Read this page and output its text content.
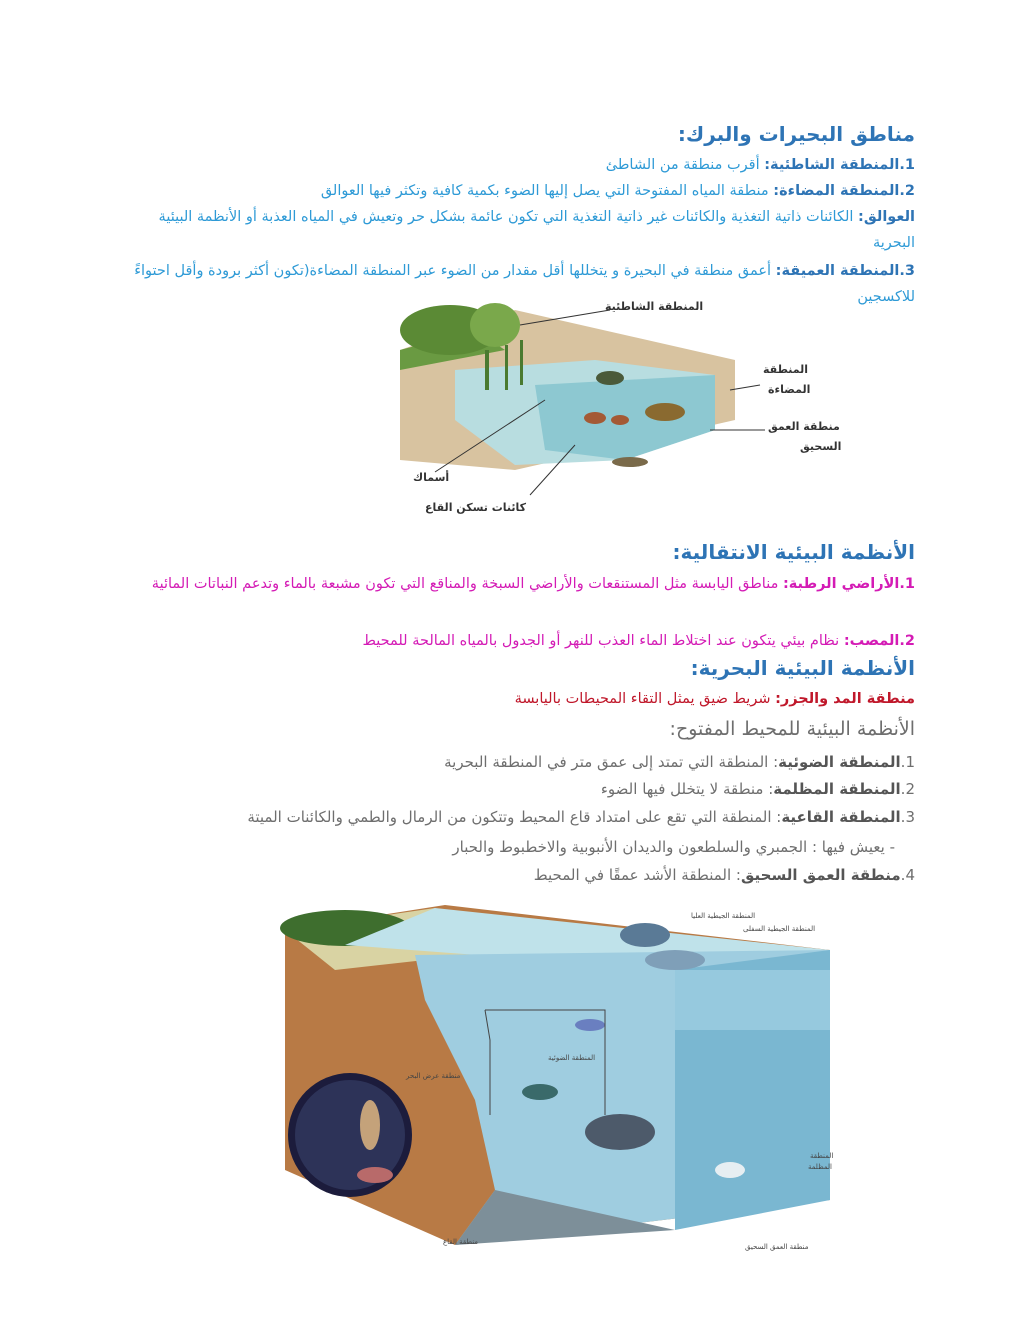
مناطق البحيرات والبرك:
1.المنطقة الشاطئية: أقرب منطقة من الشاطئ
2.المنطقة المضاءة: منطقة المياه المفتوحة التي يصل إليها الضوء بكمية كافية وتكثر فيها العوالق
العوالق: الكائنات ذاتية التغذية والكائنات غير ذاتية التغذية التي تكون عائمة بشكل حر وتعيش في المياه العذبة أو الأنظمة البيئية البحرية
3.المنطقة العميقة: أعمق منطقة في البحيرة و يتخللها أقل مقدار من الضوء عبر المنطقة المضاءة(تكون أكثر برودة وأقل احتواءً للاكسجين
المنطقة الشاطئية
المنطقة
المضاءة
منطقة العمق
السحيق
أسماك
كائنات تسكن القاع
الأنظمة البيئية الانتقالية:
1.الأراضي الرطبة: مناطق اليابسة مثل المستنقعات والأراضي السبخة والمناقع التي تكون مشبعة بالماء وتدعم النباتات المائية
2.المصب: نظام بيئي يتكون عند اختلاط الماء العذب للنهر أو الجدول بالمياه المالحة للمحيط
الأنظمة البيئية البحرية:
منطقة المد والجزر: شريط ضيق يمثل التقاء المحيطات باليابسة
الأنظمة البيئية للمحيط المفتوح:
1.المنطقة الضوئية: المنطقة التي تمتد إلى عمق متر في المنطقة البحرية
2.المنطقة المظلمة: منطقة لا يتخلل فيها الضوء
3.المنطقة القاعية: المنطقة التي تقع على امتداد قاع المحيط وتتكون من الرمال والطمي والكائنات الميتة
- يعيش فيها : الجمبري والسلطعون والديدان الأنبوبية والاخطبوط والحبار
4.منطقة العمق السحيق: المنطقة الأشد عمقًا في المحيط
المنطقة الجيطية العليا
المنطقة الجيطية السفلى
المنطقة الضوئية
منطقة عرض البحر
المنطقة
المظلمة
منطقة العمق السحيق
منطقة القاع
